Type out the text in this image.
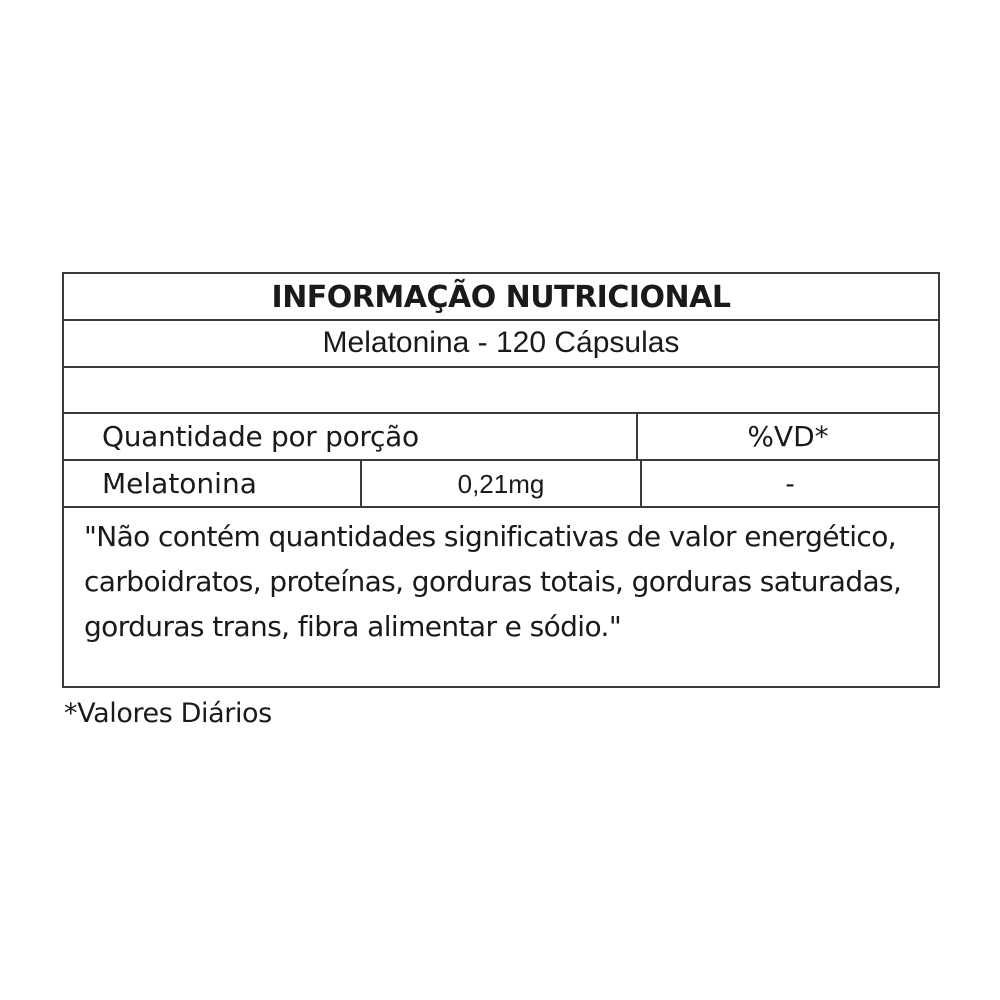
INFORMAÇÃO NUTRICIONAL
Melatonina - 120 Cápsulas
Quantidade por porção	%VD*
Melatonina	0,21mg	-
"Não contém quantidades significativas de valor energético, carboidratos, proteínas, gorduras totais, gorduras saturadas, gorduras trans, fibra alimentar e sódio."
*Valores Diários
